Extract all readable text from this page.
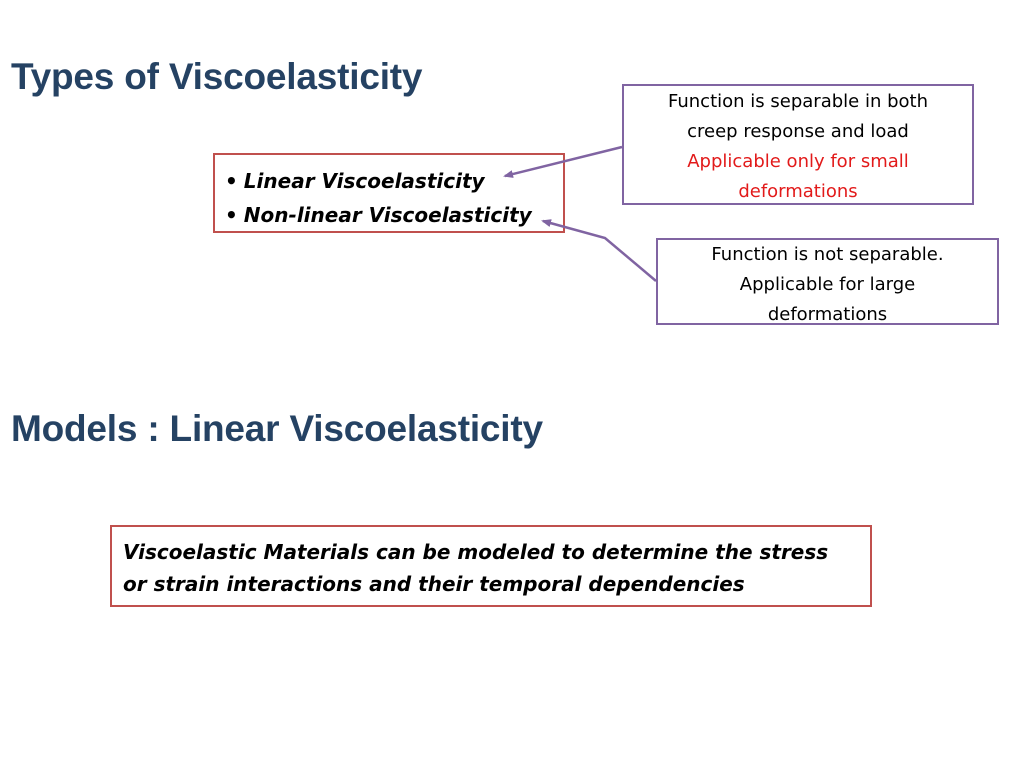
Types of Viscoelasticity
• Linear Viscoelasticity
• Non-linear Viscoelasticity
Function is separable in both
creep response and load
Applicable only for small
deformations
Function is not separable.
Applicable for large
deformations
Models : Linear Viscoelasticity
Viscoelastic Materials can be modeled to determine the stress
or strain interactions and their temporal dependencies
